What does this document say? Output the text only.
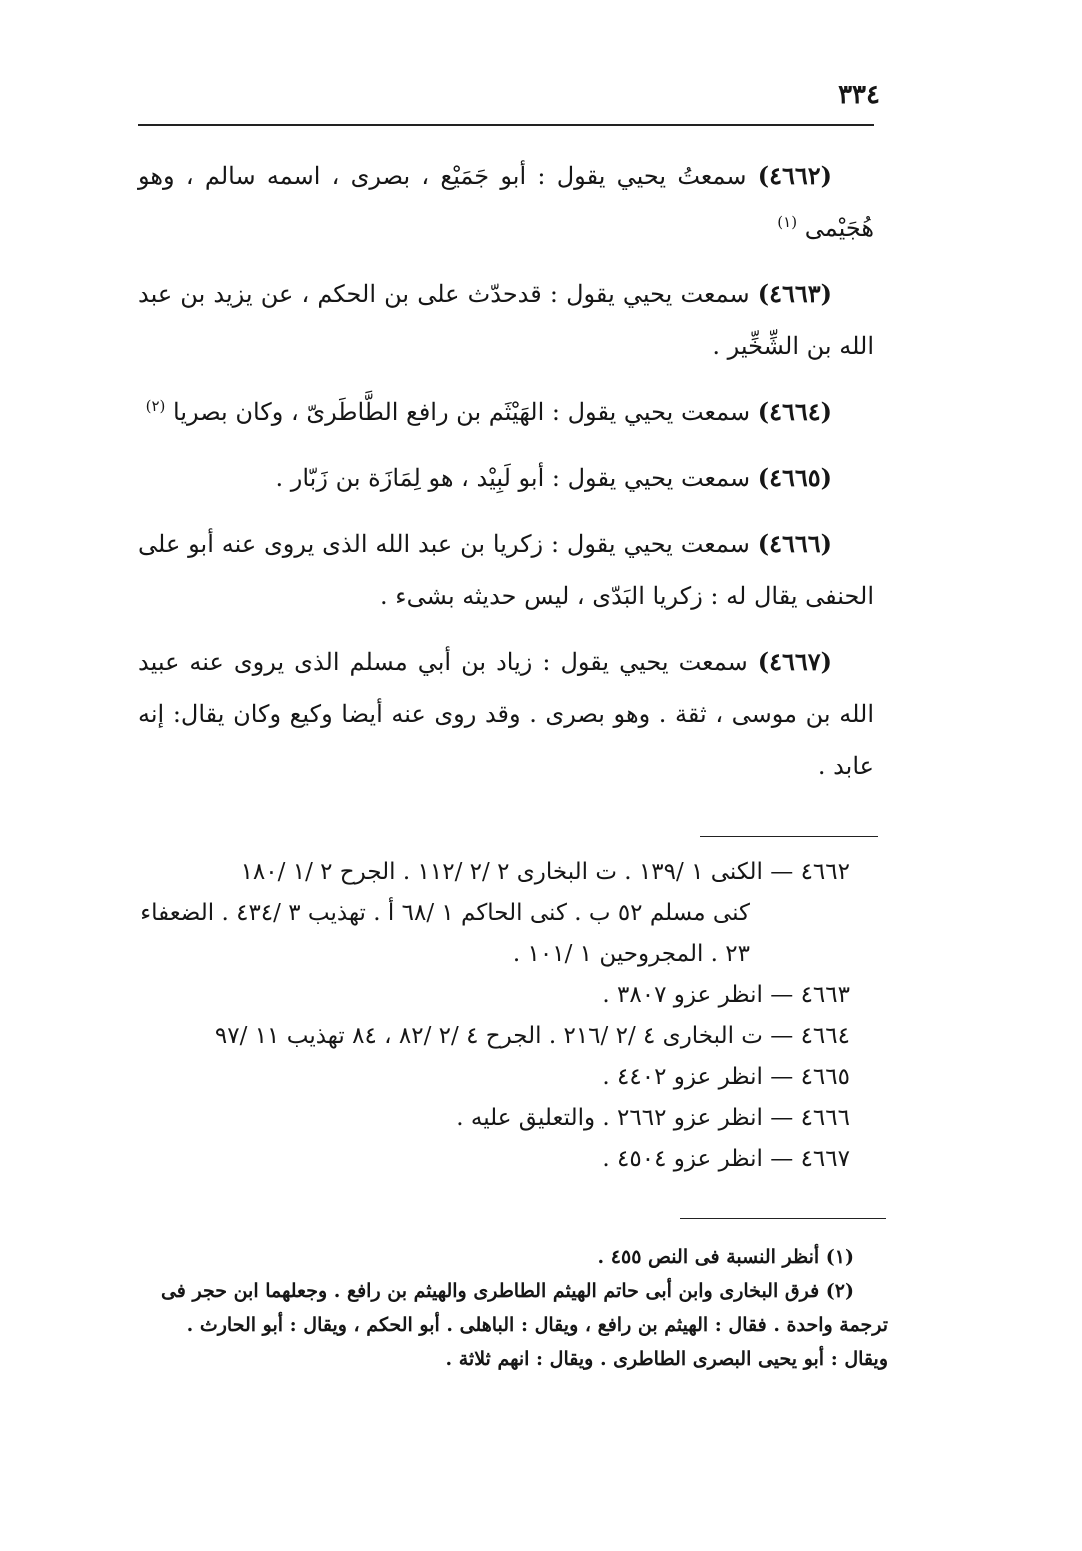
٣٣٤

(٤٦٦٢) سمعتُ يحيي يقول : أبو جَمَيْع ، بصرى ، اسمه سالم ، وهو هُجَيْمى $^{(١)}$

(٤٦٦٣) سمعت يحيي يقول : قدحدّث على بن الحكم ، عن يزيد بن عبد الله بن الشِّخِّير .

(٤٦٦٤) سمعت يحيي يقول : الهَيْثَم بن رافع الطَّاطَرىّ ، وكان بصريا $^{(٢)}$

(٤٦٦٥) سمعت يحيي يقول : أبو لَبِيْد ، هو لِمَازَة بن زَبّار .

(٤٦٦٦) سمعت يحيي يقول : زكريا بن عبد الله الذى يروى عنه أبو على الحنفى يقال له : زكريا البَدّى ، ليس حديثه بشىء .

(٤٦٦٧) سمعت يحيي يقول : زياد بن أبي مسلم الذى يروى عنه عبيد الله بن موسى ، ثقة . وهو بصرى . وقد روى عنه أيضا وكيع وكان يقال: إنه عابد .

٤٦٦٢ — الكنى ١ /١٣٩ . ت البخارى ٢ /٢ /١١٢ . الجرح ٢ /١ /١٨٠
كنى مسلم ٥٢ ب . كنى الحاكم ١ /٦٨ أ . تهذيب ٣ /٤٣٤ . الضعفاء
٢٣ . المجروحين ١ /١٠١ .
٤٦٦٣ — انظر عزو ٣٨٠٧ .
٤٦٦٤ — ت البخارى ٤ /٢ /٢١٦ . الجرح ٤ /٢ /٨٢ ، ٨٤ تهذيب ١١ /٩٧
٤٦٦٥ — انظر عزو ٤٤٠٢ .
٤٦٦٦ — انظر عزو ٢٦٦٢ . والتعليق عليه .
٤٦٦٧ — انظر عزو ٤٥٠٤ .
(١) أنظر النسبة فى النص ٤٥٥ .
(٢) فرق البخارى وابن أبى حاتم الهيثم الطاطرى والهيثم بن رافع . وجعلهما ابن حجر فى ترجمة واحدة . فقال : الهيثم بن رافع ، ويقال : الباهلى . أبو الحكم ، ويقال : أبو الحارث . ويقال : أبو يحيى البصرى الطاطرى . ويقال : انهم ثلاثة .
